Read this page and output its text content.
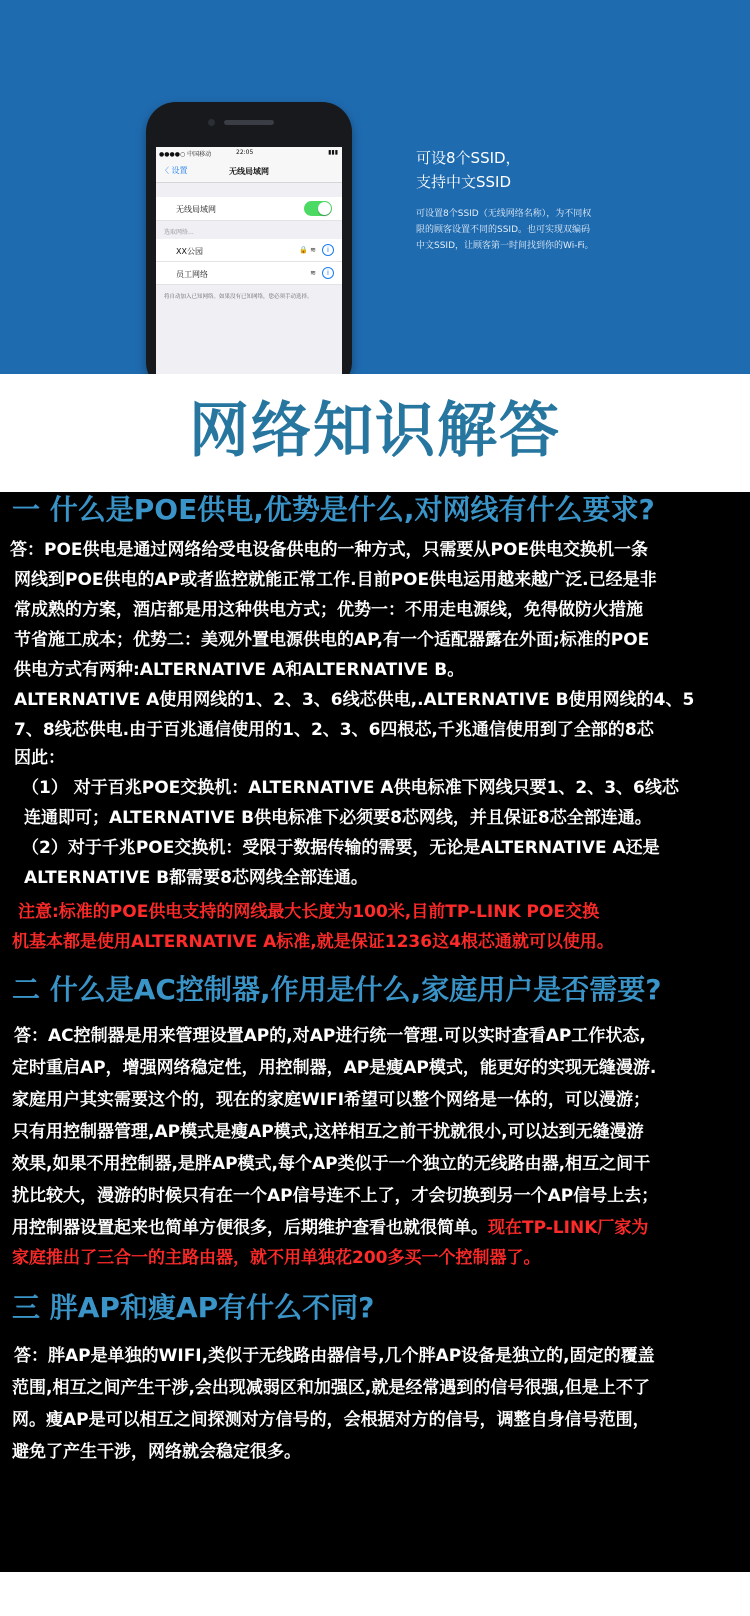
●●●●○ 中国移动	22:05	▮▮▮
〈 设置	无线局域网
无线局域网
选取网络...
XX公园	🔒 ≋	i
员工网络	≋	i
将自动加入已知网络。如果没有已知网络，您必须手动选择。
可设8个SSID，
支持中文SSID
可设置8个SSID（无线网络名称），为不同权限的顾客设置不同的SSID。也可实现双编码中文SSID，让顾客第一时间找到你的Wi-Fi。
网络知识解答
一 什么是POE供电,优势是什么,对网线有什么要求?
答：POE供电是通过网络给受电设备供电的一种方式，只需要从POE供电交换机一条
网线到POE供电的AP或者监控就能正常工作.目前POE供电运用越来越广泛.已经是非
常成熟的方案，酒店都是用这种供电方式；优势一：不用走电源线，免得做防火措施
节省施工成本；优势二：美观外置电源供电的AP,有一个适配器露在外面;标准的POE
供电方式有两种:ALTERNATIVE A和ALTERNATIVE B。
ALTERNATIVE A使用网线的1、2、3、6线芯供电,.ALTERNATIVE B使用网线的4、5
7、8线芯供电.由于百兆通信使用的1、2、3、6四根芯,千兆通信使用到了全部的8芯
因此：
（1） 对于百兆POE交换机：ALTERNATIVE A供电标准下网线只要1、2、3、6线芯
连通即可；ALTERNATIVE B供电标准下必须要8芯网线，并且保证8芯全部连通。
（2）对于千兆POE交换机：受限于数据传输的需要，无论是ALTERNATIVE A还是
ALTERNATIVE B都需要8芯网线全部连通。
注意:标准的POE供电支持的网线最大长度为100米,目前TP-LINK POE交换
机基本都是使用ALTERNATIVE A标准,就是保证1236这4根芯通就可以使用。
二 什么是AC控制器,作用是什么,家庭用户是否需要?
答：AC控制器是用来管理设置AP的,对AP进行统一管理.可以实时查看AP工作状态,
定时重启AP，增强网络稳定性，用控制器，AP是瘦AP模式，能更好的实现无缝漫游.
家庭用户其实需要这个的，现在的家庭WIFI希望可以整个网络是一体的，可以漫游；
只有用控制器管理,AP模式是瘦AP模式,这样相互之前干扰就很小,可以达到无缝漫游
效果,如果不用控制器,是胖AP模式,每个AP类似于一个独立的无线路由器,相互之间干
扰比较大，漫游的时候只有在一个AP信号连不上了，才会切换到另一个AP信号上去；
用控制器设置起来也简单方便很多，后期维护查看也就很简单。现在TP-LINK厂家为
家庭推出了三合一的主路由器，就不用单独花200多买一个控制器了。
三 胖AP和瘦AP有什么不同?
答：胖AP是单独的WIFI,类似于无线路由器信号,几个胖AP设备是独立的,固定的覆盖
范围,相互之间产生干涉,会出现减弱区和加强区,就是经常遇到的信号很强,但是上不了
网。瘦AP是可以相互之间探测对方信号的，会根据对方的信号，调整自身信号范围，
避免了产生干涉，网络就会稳定很多。
